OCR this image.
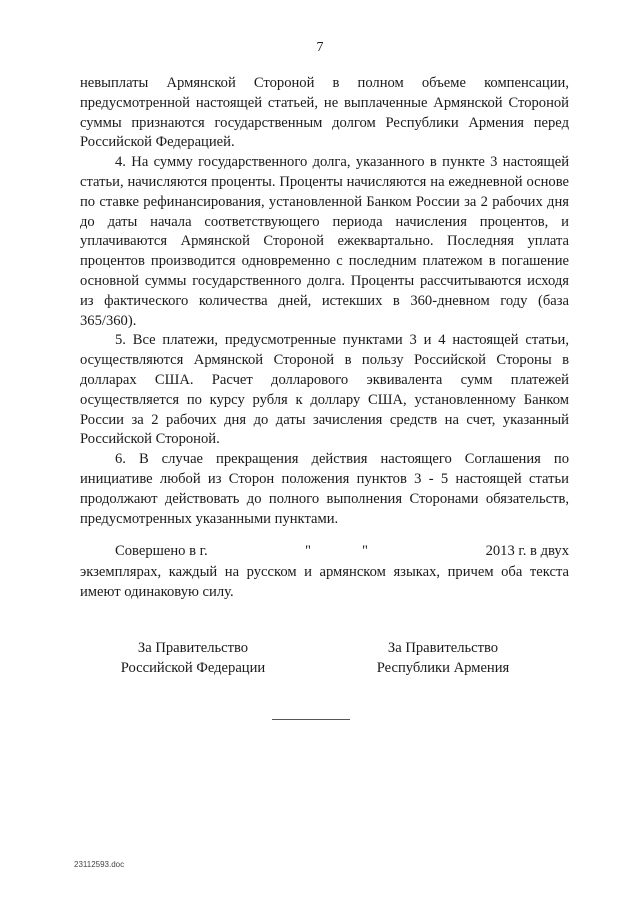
7

невыплаты Армянской Стороной в полном объеме компенсации, предусмотренной настоящей статьей, не выплаченные Армянской Стороной суммы признаются государственным долгом Республики Армения перед Российской Федерацией.

4. На сумму государственного долга, указанного в пункте 3 настоящей статьи, начисляются проценты. Проценты начисляются на ежедневной основе по ставке рефинансирования, установленной Банком России за 2 рабочих дня до даты начала соответствующего периода начисления процентов, и уплачиваются Армянской Стороной ежеквартально. Последняя уплата процентов производится одновременно с последним платежом в погашение основной суммы государственного долга. Проценты рассчитываются исходя из фактического количества дней, истекших в 360-дневном году (база 365/360).

5. Все платежи, предусмотренные пунктами 3 и 4 настоящей статьи, осуществляются Армянской Стороной в пользу Российской Стороны в долларах США. Расчет долларового эквивалента сумм платежей осуществляется по курсу рубля к доллару США, установленному Банком России за 2 рабочих дня до даты зачисления средств на счет, указанный Российской Стороной.

6. В случае прекращения действия настоящего Соглашения по инициативе любой из Сторон положения пунктов 3 - 5 настоящей статьи продолжают действовать до полного выполнения Сторонами обязательств, предусмотренных указанными пунктами.

Совершено в г.	"	"	2013 г. в двух
экземплярах, каждый на русском и армянском языках, причем оба текста имеют одинаковую силу.
За Правительство
Российской Федерации
За Правительство
Республики Армения
23112593.doc
